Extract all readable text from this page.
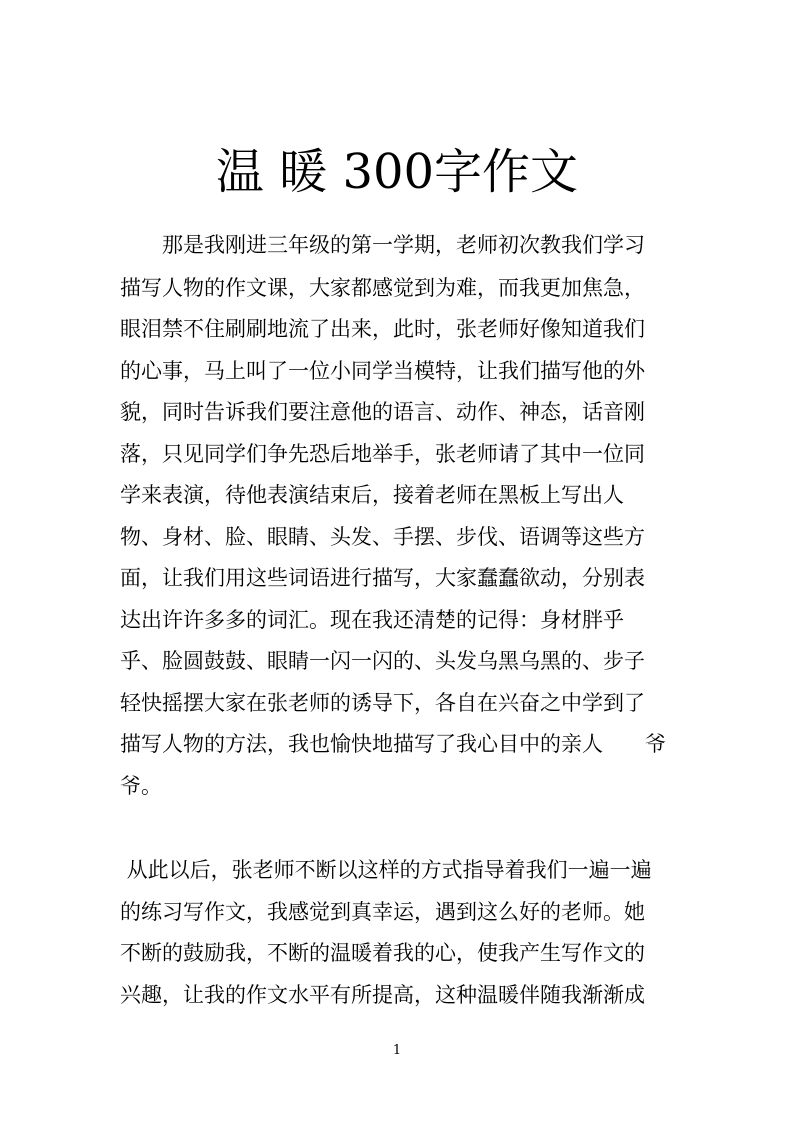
温 暖 300字作文

　　那是我刚进三年级的第一学期，老师初次教我们学习

描写人物的作文课，大家都感觉到为难，而我更加焦急，

眼泪禁不住刷刷地流了出来，此时，张老师好像知道我们

的心事，马上叫了一位小同学当模特，让我们描写他的外

貌，同时告诉我们要注意他的语言、动作、神态，话音刚

落，只见同学们争先恐后地举手，张老师请了其中一位同

学来表演，待他表演结束后，接着老师在黑板上写出人

物、身材、脸、眼睛、头发、手摆、步伐、语调等这些方

面，让我们用这些词语进行描写，大家蠢蠢欲动，分别表

达出许许多多的词汇。现在我还清楚的记得：身材胖乎

乎、脸圆鼓鼓、眼睛一闪一闪的、头发乌黑乌黑的、步子

轻快摇摆大家在张老师的诱导下，各自在兴奋之中学到了

描写人物的方法，我也愉快地描写了我心目中的亲人　　爷

爷。

从此以后，张老师不断以这样的方式指导着我们一遍一遍

的练习写作文，我感觉到真幸运，遇到这么好的老师。她

不断的鼓励我，不断的温暖着我的心，使我产生写作文的

兴趣，让我的作文水平有所提高，这种温暖伴随我渐渐成

1
